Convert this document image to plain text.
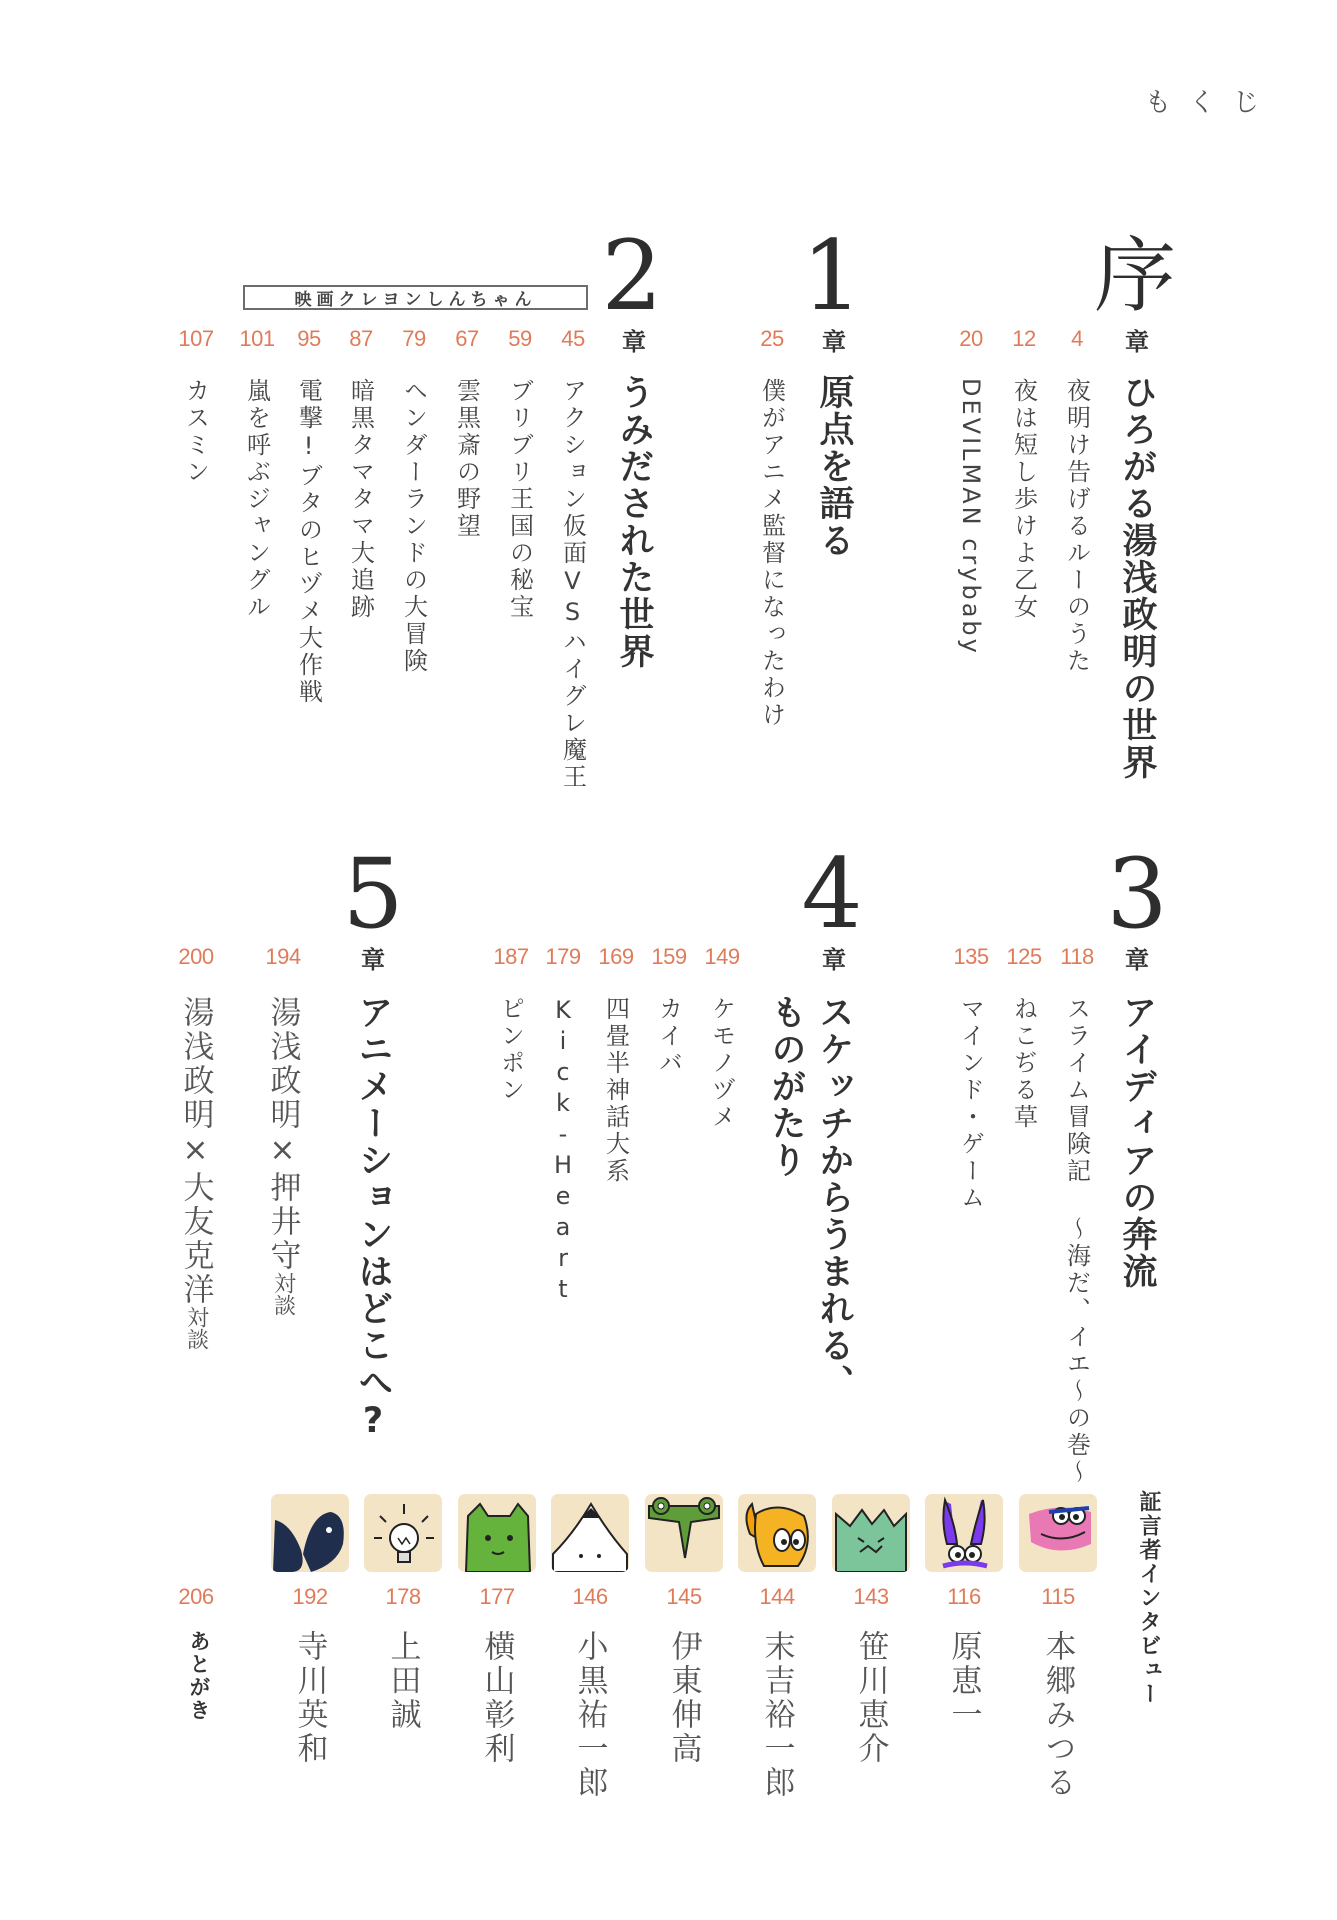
もくじ
序
章
ひろがる湯浅政明の世界
4
夜明け告げるルーのうた
12
夜は短し歩けよ乙女
20
DEVILMAN crybaby
1
章
原点を語る
25
僕がアニメ監督になったわけ
2
章
うみだされた世界
映画クレヨンしんちゃん
45
アクション仮面VSハイグレ魔王
59
ブリブリ王国の秘宝
67
雲黒斎の野望
79
ヘンダーランドの大冒険
87
暗黒タマタマ大追跡
95
電撃!ブタのヒヅメ大作戦
101
嵐を呼ぶジャングル
107
カスミン
3
章
アイディアの奔流
118
スライム冒険記 ～海だ、イエ～の巻～
125
ねこぢる草
135
マインド・ゲーム
4
章
スケッチからうまれる、
ものがたり
149
ケモノヅメ
159
カイバ
169
四畳半神話大系
179
Kick-Heart
187
ピンポン
5
章
アニメーションはどこへ?
194
湯浅政明×押井守
対談
200
湯浅政明×大友克洋
対談
証言者インタビュー
115
本郷みつる
116
原恵一
143
笹川恵介
144
末吉裕一郎
145
伊東伸高
146
小黒祐一郎
177
横山彰利
178
上田誠
192
寺川英和
206
あとがき
